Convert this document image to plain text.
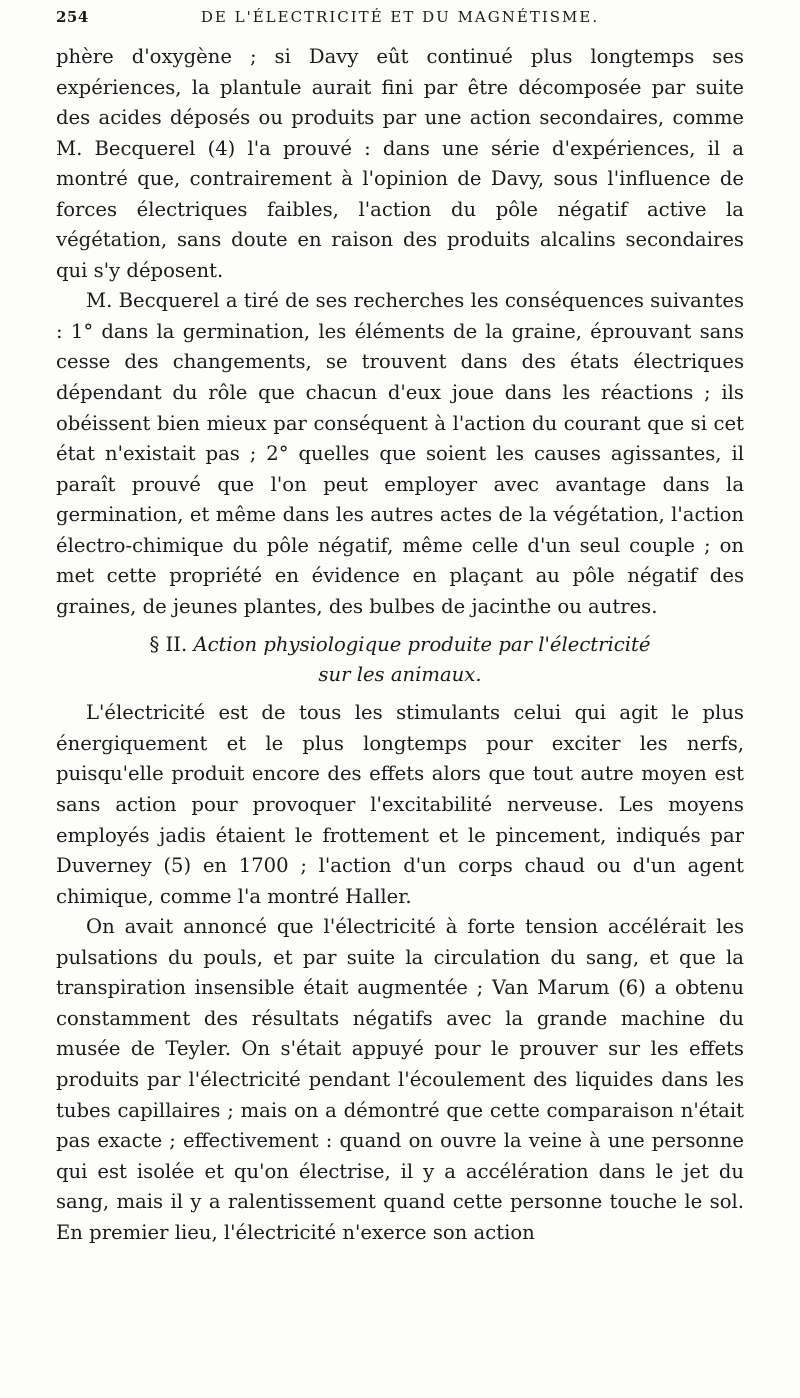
254	DE L'ÉLECTRICITÉ ET DU MAGNÉTISME.

phère d'oxygène ; si Davy eût continué plus longtemps ses expériences, la plantule aurait fini par être décomposée par suite des acides déposés ou produits par une action secondaires, comme M. Becquerel (4) l'a prouvé : dans une série d'expériences, il a montré que, contrairement à l'opinion de Davy, sous l'influence de forces électriques faibles, l'action du pôle négatif active la végétation, sans doute en raison des produits alcalins secondaires qui s'y déposent.

M. Becquerel a tiré de ses recherches les conséquences suivantes : 1° dans la germination, les éléments de la graine, éprouvant sans cesse des changements, se trouvent dans des états électriques dépendant du rôle que chacun d'eux joue dans les réactions ; ils obéissent bien mieux par conséquent à l'action du courant que si cet état n'existait pas ; 2° quelles que soient les causes agissantes, il paraît prouvé que l'on peut employer avec avantage dans la germination, et même dans les autres actes de la végétation, l'action électro-chimique du pôle négatif, même celle d'un seul couple ; on met cette propriété en évidence en plaçant au pôle négatif des graines, de jeunes plantes, des bulbes de jacinthe ou autres.

§ II. Action physiologique produite par l'électricité
sur les animaux.

L'électricité est de tous les stimulants celui qui agit le plus énergiquement et le plus longtemps pour exciter les nerfs, puisqu'elle produit encore des effets alors que tout autre moyen est sans action pour provoquer l'excitabilité nerveuse. Les moyens employés jadis étaient le frottement et le pincement, indiqués par Duverney (5) en 1700 ; l'action d'un corps chaud ou d'un agent chimique, comme l'a montré Haller.

On avait annoncé que l'électricité à forte tension accélérait les pulsations du pouls, et par suite la circulation du sang, et que la transpiration insensible était augmentée ; Van Marum (6) a obtenu constamment des résultats négatifs avec la grande machine du musée de Teyler. On s'était appuyé pour le prouver sur les effets produits par l'électricité pendant l'écoulement des liquides dans les tubes capillaires ; mais on a démontré que cette comparaison n'était pas exacte ; effectivement : quand on ouvre la veine à une personne qui est isolée et qu'on électrise, il y a accélération dans le jet du sang, mais il y a ralentissement quand cette personne touche le sol. En premier lieu, l'électricité n'exerce son action
